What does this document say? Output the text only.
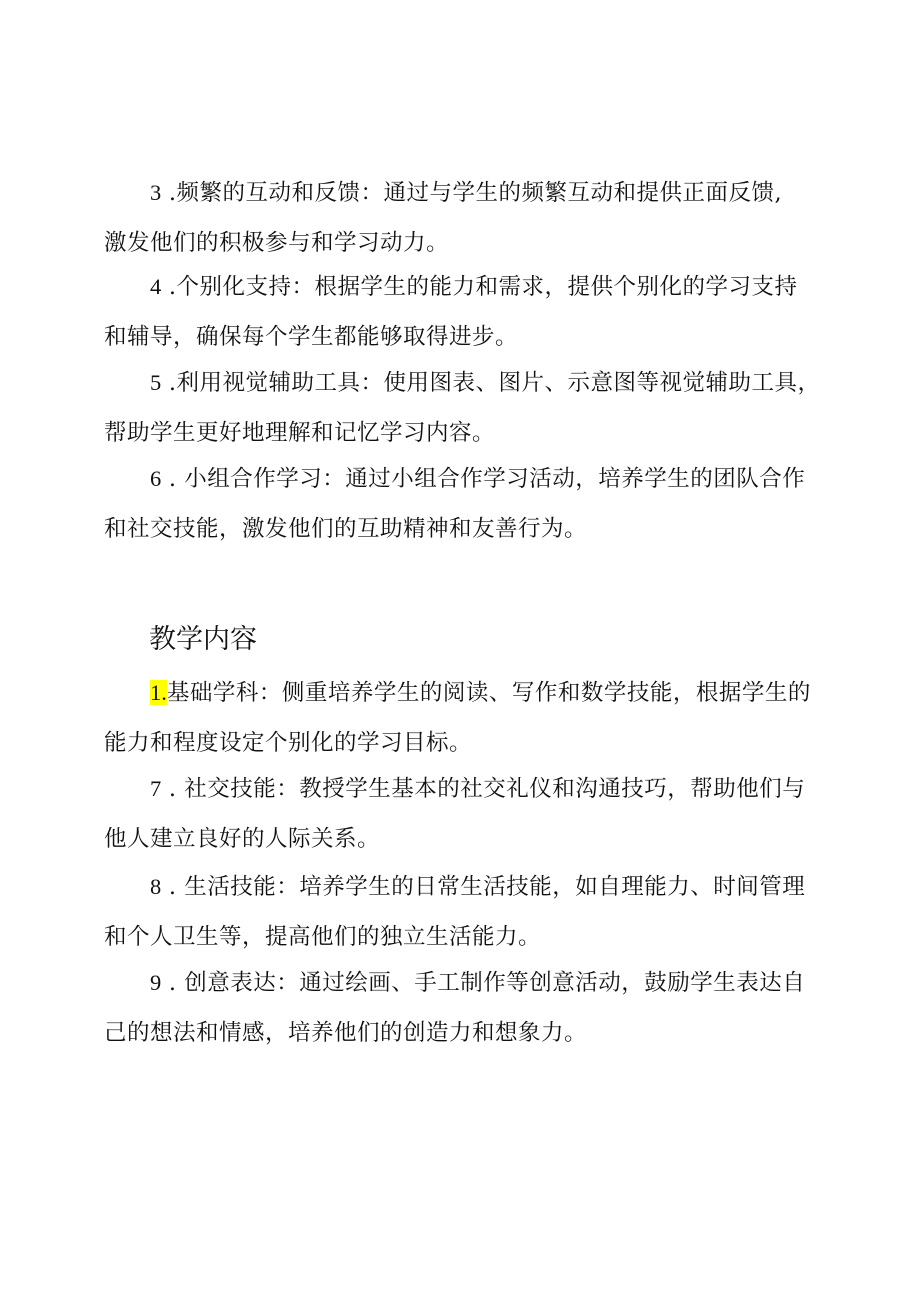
3 .频繁的互动和反馈：通过与学生的频繁互动和提供正面反馈,
激发他们的积极参与和学习动力。

4 .个别化支持：根据学生的能力和需求，提供个别化的学习支持
和辅导，确保每个学生都能够取得进步。

5 .利用视觉辅助工具：使用图表、图片、示意图等视觉辅助工具，
帮助学生更好地理解和记忆学习内容。

6 . 小组合作学习：通过小组合作学习活动，培养学生的团队合作
和社交技能，激发他们的互助精神和友善行为。

教学内容

1.基础学科：侧重培养学生的阅读、写作和数学技能，根据学生的
能力和程度设定个别化的学习目标。

7 . 社交技能：教授学生基本的社交礼仪和沟通技巧，帮助他们与
他人建立良好的人际关系。

8 . 生活技能：培养学生的日常生活技能，如自理能力、时间管理
和个人卫生等，提高他们的独立生活能力。

9 . 创意表达：通过绘画、手工制作等创意活动，鼓励学生表达自
己的想法和情感，培养他们的创造力和想象力。
